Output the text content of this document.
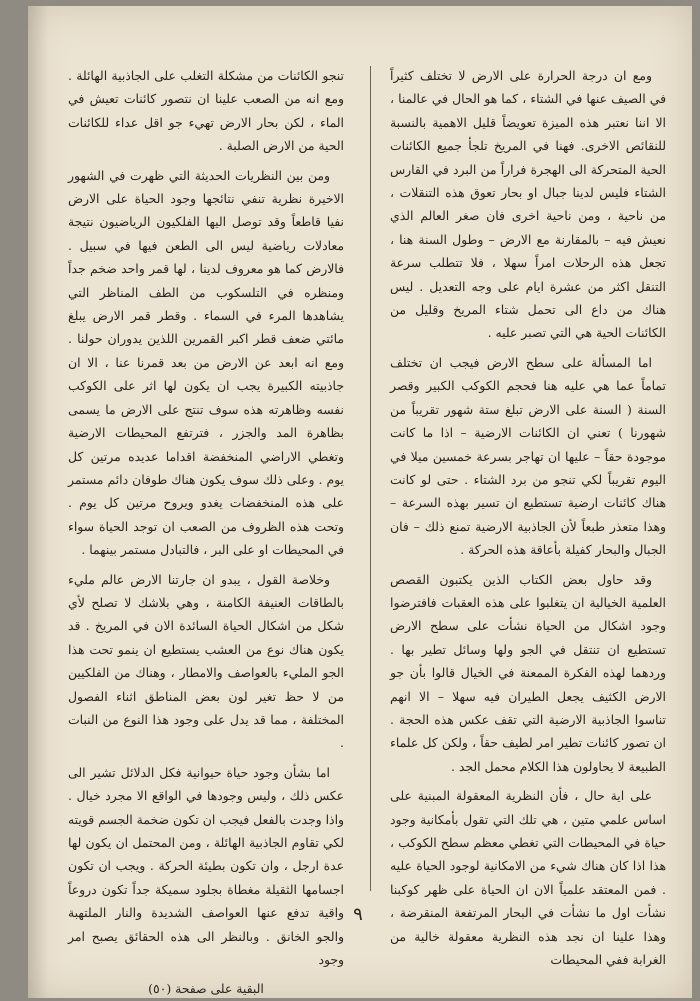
ومع ان درجة الحرارة على الارض لا تختلف كثيراً في الصيف عنها في الشتاء ، كما هو الحال في عالمنا ، الا اننا نعتبر هذه الميزة تعويضاً قليل الاهمية بالنسبة للنقائص الاخرى. فهنا في المريخ تلجأ جميع الكائنات الحية المتحركة الى الهجرة فراراً من البرد في القارس الشتاء فليس لدينا جبال او بحار تعوق هذه التنقلات ، من ناحية ، ومن ناحية اخرى فان صغر العالم الذي نعيش فيه – بالمقارنة مع الارض – وطول السنة هنا ، تجعل هذه الرحلات امراً سهلا ، فلا تتطلب سرعة التنقل اكثر من عشرة ايام على وجه التعديل . ليس هناك من داع الى تحمل شتاء المريخ وقليل من الكائنات الحية هي التي تصبر عليه .

اما المسألة على سطح الارض فيجب ان تختلف تماماً عما هي عليه هنا فحجم الكوكب الكبير وقصر السنة ( السنة على الارض تبلغ ستة شهور تقريباً من شهورنا ) تعني ان الكائنات الارضية – اذا ما كانت موجودة حقاً – عليها ان تهاجر بسرعة خمسين ميلا في اليوم تقريباً لكي تنجو من برد الشتاء . حتى لو كانت هناك كائنات ارضية تستطيع ان تسير بهذه السرعة – وهذا متعذر طبعاً لأن الجاذبية الارضية تمنع ذلك – فان الجبال والبحار كفيلة بأعاقة هذه الحركة .

وقد حاول بعض الكتاب الذين يكتبون القصص العلمية الخيالية ان يتغلبوا على هذه العقبات فافترضوا وجود اشكال من الحياة نشأت على سطح الارض تستطيع ان تنتقل في الجو ولها وسائل تطير بها . وردهما لهذه الفكرة الممعنة في الخيال قالوا بأن جو الارض الكثيف يجعل الطيران فيه سهلا – الا انهم تناسوا الجاذبية الارضية التي تقف عكس هذه الحجة . ان تصور كائنات تطير امر لطيف حقاً ، ولكن كل علماء الطبيعة لا يحاولون هذا الكلام محمل الجد .

على اية حال ، فأن النظرية المعقولة المبنية على اساس علمي متين ، هي تلك التي تقول بأمكانية وجود حياة في المحيطات التي تغطي معظم سطح الكوكب ، هذا اذا كان هناك شيء من الامكانية لوجود الحياة عليه . فمن المعتقد علمياً الان ان الحياة على ظهر كوكبنا نشأت اول ما نشأت في البحار المرتفعة المنقرضة ، وهذا علينا ان نجد هذه النظرية معقولة خالية من الغرابة ففي المحيطات

تنجو الكائنات من مشكلة التغلب على الجاذبية الهائلة . ومع انه من الصعب علينا ان نتصور كائنات تعيش في الماء ، لكن بحار الارض تهيء جو اقل عداء للكائنات الحية من الارض الصلبة .

ومن بين النظريات الحديثة التي ظهرت في الشهور الاخيرة نظرية تنفي نتائجها وجود الحياة على الارض نفيا قاطعاً وقد توصل اليها الفلكيون الرياضيون نتيجة معادلات رياضية ليس الى الطعن فيها في سبيل . فالارض كما هو معروف لدينا ، لها قمر واحد ضخم جداً ومنظره في التلسكوب من الطف المناظر التي يشاهدها المرء في السماء . وقطر قمر الارض يبلغ مائتي ضعف قطر اكبر القمرين اللذين يدوران حولنا . ومع انه ابعد عن الارض من بعد قمرنا عنا ، الا ان جاذبيته الكبيرة يجب ان يكون لها اثر على الكوكب نفسه وظاهرته هذه سوف تنتج على الارض ما يسمى بظاهرة المد والجزر ، فترتفع المحيطات الارضية وتغطي الاراضي المنخفضة اقداما عديده مرتين كل يوم . وعلى ذلك سوف يكون هناك طوفان دائم مستمر على هذه المنخفضات يغدو ويروح مرتين كل يوم . وتحت هذه الظروف من الصعب ان توجد الحياة سواء في المحيطات او على البر ، فالتبادل مستمر بينهما .

وخلاصة القول ، يبدو ان جارتنا الارض عالم مليء بالطاقات العنيفة الكامنة ، وهي بلاشك لا تصلح لأي شكل من اشكال الحياة السائدة الان في المريخ . قد يكون هناك نوع من العشب يستطيع ان ينمو تحت هذا الجو المليء بالعواصف والامطار ، وهناك من الفلكيين من لا حظ تغير لون بعض المناطق اثناء الفصول المختلفة ، مما قد يدل على وجود هذا النوع من النبات .

اما بشأن وجود حياة حيوانية فكل الدلائل تشير الى عكس ذلك ، وليس وجودها في الواقع الا مجرد خيال . واذا وجدت بالفعل فيجب ان تكون ضخمة الجسم قويته لكي تقاوم الجاذبية الهائلة ، ومن المحتمل ان يكون لها عدة ارجل ، وان تكون بطيئة الحركة . ويجب ان تكون اجسامها الثقيلة مغطاة بجلود سميكة جداً تكون دروعاً واقية تدفع عنها العواصف الشديدة والنار الملتهبة والجو الخانق . وبالنظر الى هذه الحقائق يصبح امر وجود

البقية على صفحة (٥٠)
٩
